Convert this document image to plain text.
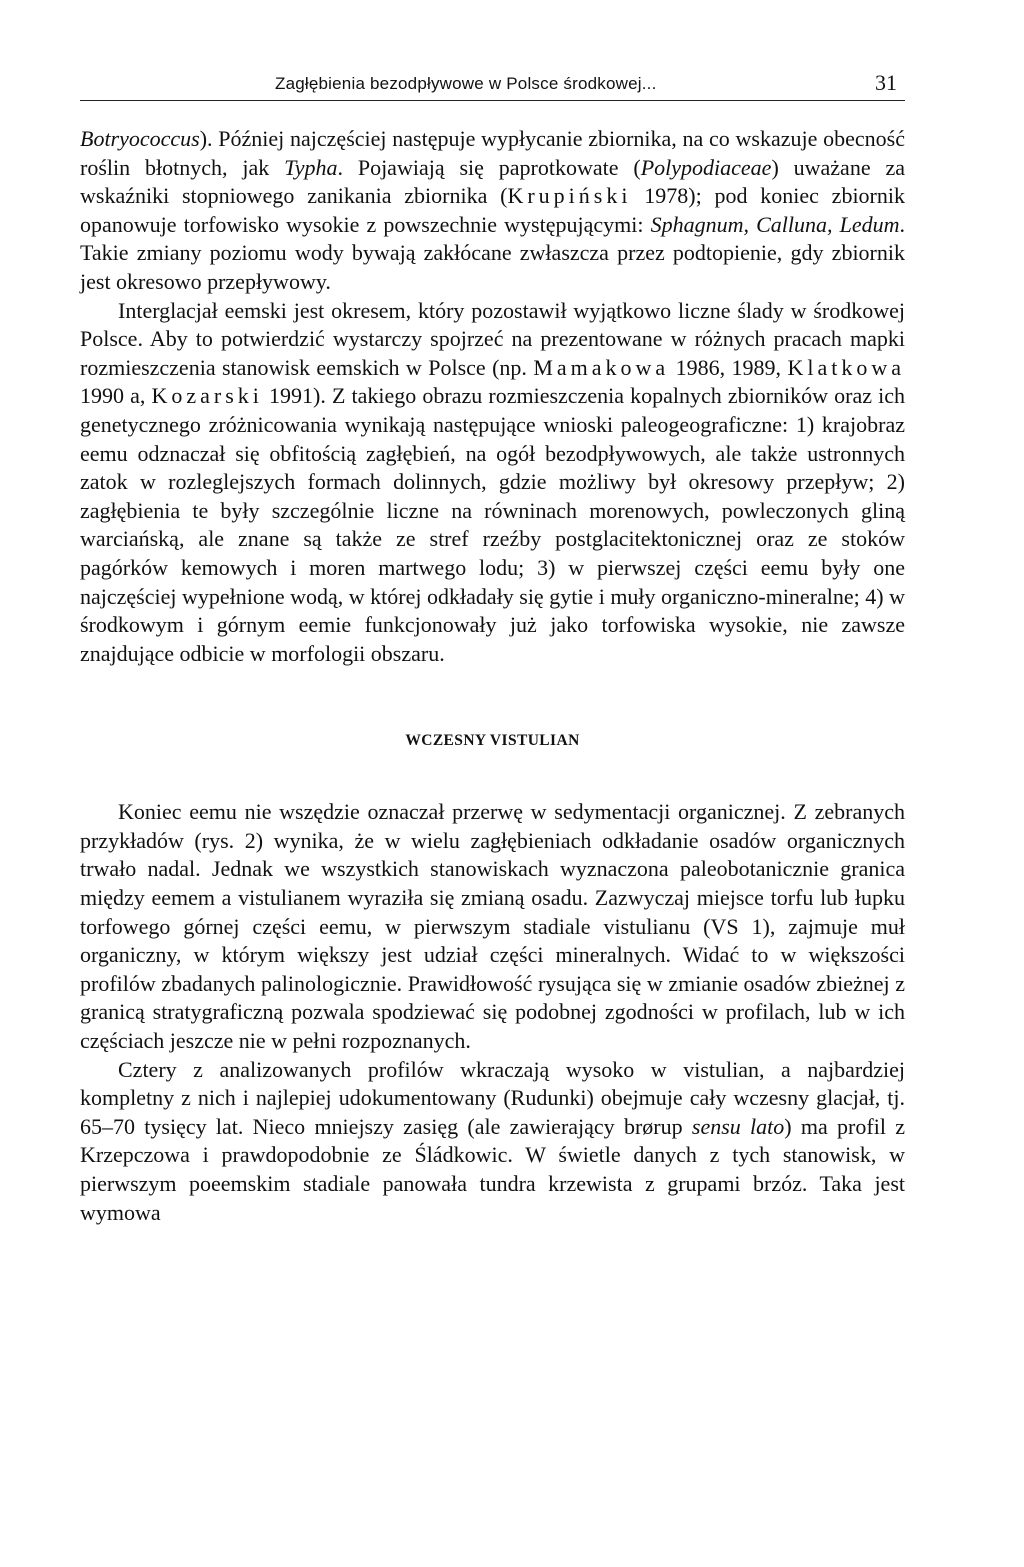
Zagłębienia bezodpływowe w Polsce środkowej...	31

Botryococcus). Później najczęściej następuje wypłycanie zbiornika, na co wskazuje obecność roślin błotnych, jak Typha. Pojawiają się paprotkowate (Polypodiaceae) uważane za wskaźniki stopniowego zanikania zbiornika (Krupiński 1978); pod koniec zbiornik opanowuje torfowisko wysokie z powszechnie występującymi: Sphagnum, Calluna, Ledum. Takie zmiany poziomu wody bywają zakłócane zwłaszcza przez podtopienie, gdy zbiornik jest okresowo przepływowy.

Interglacjał eemski jest okresem, który pozostawił wyjątkowo liczne ślady w środkowej Polsce. Aby to potwierdzić wystarczy spojrzeć na prezentowane w różnych pracach mapki rozmieszczenia stanowisk eemskich w Polsce (np. Mamakowa 1986, 1989, Klatkowa 1990 a, Kozarski 1991). Z takiego obrazu rozmieszczenia kopalnych zbiorników oraz ich genetycznego zróżnicowania wynikają następujące wnioski paleogeograficzne: 1) krajobraz eemu odznaczał się obfitością zagłębień, na ogół bezodpływowych, ale także ustronnych zatok w rozleglejszych formach dolinnych, gdzie możliwy był okresowy przepływ; 2) zagłębienia te były szczególnie liczne na równinach morenowych, powleczonych gliną warciańską, ale znane są także ze stref rzeźby postglacitektonicznej oraz ze stoków pagórków kemowych i moren martwego lodu; 3) w pierwszej części eemu były one najczęściej wypełnione wodą, w której odkładały się gytie i muły organiczno-mineralne; 4) w środkowym i górnym eemie funkcjonowały już jako torfowiska wysokie, nie zawsze znajdujące odbicie w morfologii obszaru.

WCZESNY VISTULIAN

Koniec eemu nie wszędzie oznaczał przerwę w sedymentacji organicznej. Z zebranych przykładów (rys. 2) wynika, że w wielu zagłębieniach odkładanie osadów organicznych trwało nadal. Jednak we wszystkich stanowiskach wyznaczona paleobotanicznie granica między eemem a vistulianem wyraziła się zmianą osadu. Zazwyczaj miejsce torfu lub łupku torfowego górnej części eemu, w pierwszym stadiale vistulianu (VS 1), zajmuje muł organiczny, w którym większy jest udział części mineralnych. Widać to w większości profilów zbadanych palinologicznie. Prawidłowość rysująca się w zmianie osadów zbieżnej z granicą stratygraficzną pozwala spodziewać się podobnej zgodności w profilach, lub w ich częściach jeszcze nie w pełni rozpoznanych.

Cztery z analizowanych profilów wkraczają wysoko w vistulian, a najbardziej kompletny z nich i najlepiej udokumentowany (Rudunki) obejmuje cały wczesny glacjał, tj. 65–70 tysięcy lat. Nieco mniejszy zasięg (ale zawierający brørup sensu lato) ma profil z Krzepczowa i prawdopodobnie ze Śládkowic. W świetle danych z tych stanowisk, w pierwszym poeemskim stadiale panowała tundra krzewista z grupami brzóz. Taka jest wymowa
